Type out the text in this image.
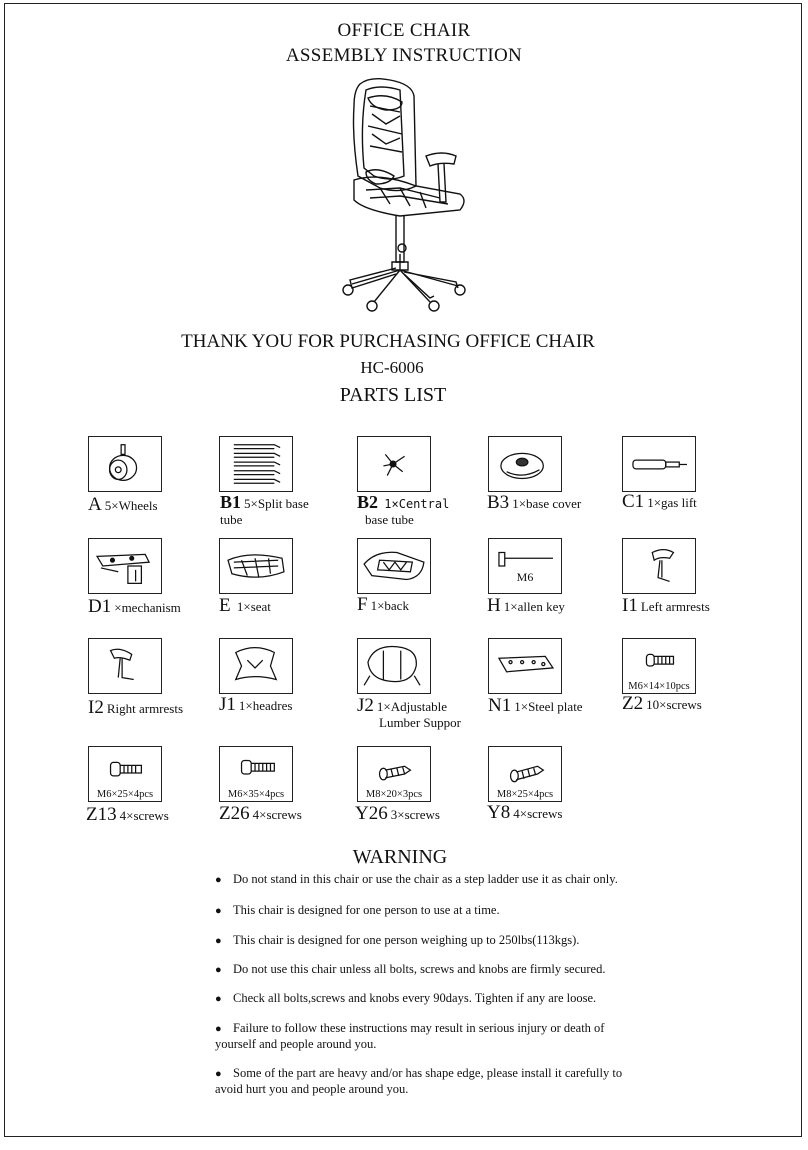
OFFICE CHAIR
ASSEMBLY INSTRUCTION
THANK YOU FOR PURCHASING OFFICE CHAIR
HC-6006
PARTS LIST
A 5×Wheels	B1 5×Split base
tube
B2 1×Central
base tube
B3 1×base cover C1 1×gas lift
D1 ×mechanism E 1×seat	F 1×back
M6
H 1×allen key	I1 Left armrests
I2 Right armrests J1 1×headres	J2 1×Adjustable
Lumber Suppor
N1 1×Steel plate
M6×14×10pcs
Z2 10×screws
M6×25×4pcs
Z13 4×screws
M6×35×4pcs
Z26 4×screws
M8×20×3pcs
Y26 3×screws
M8×25×4pcs
Y8 4×screws
WARNING
● Do not stand in this chair or use the chair as a step ladder use it as chair only.
● This chair is designed for one person to use at a time.
● This chair is designed for one person weighing up to 250lbs(113kgs).
● Do not use this chair unless all bolts, screws and knobs are firmly secured.
● Check all bolts,screws and knobs every 90days. Tighten if any are loose.
● Failure to follow these instructions may result in serious injury or death of yourself and people around you.
● Some of the part are heavy and/or has shape edge, please install it carefully to avoid hurt you and people around you.
